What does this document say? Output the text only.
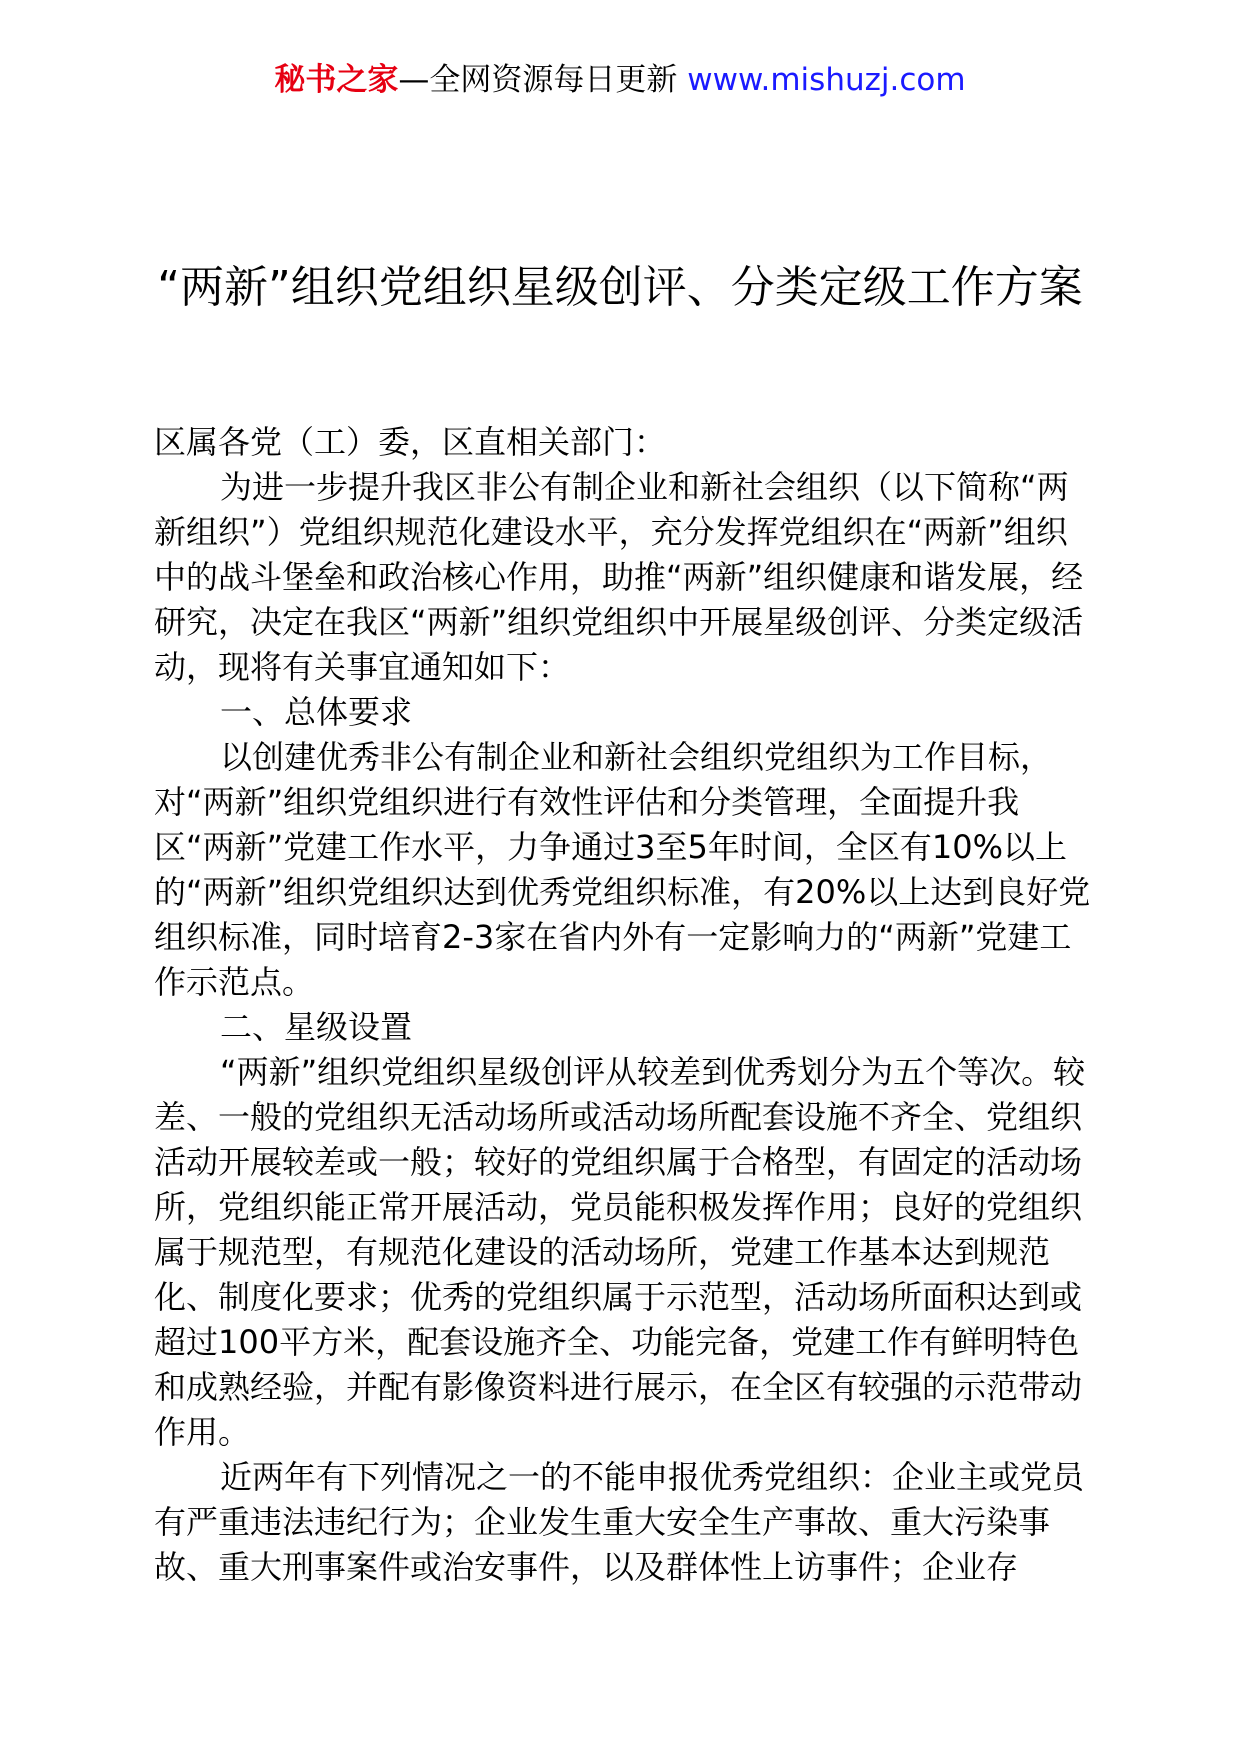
秘书之家—全网资源每日更新 www.mishuzj.com
“两新”组织党组织星级创评、分类定级工作方案

区属各党（工）委，区直相关部门：

为进一步提升我区非公有制企业和新社会组织（以下简称“两新组织”）党组织规范化建设水平，充分发挥党组织在“两新”组织中的战斗堡垒和政治核心作用，助推“两新”组织健康和谐发展，经研究，决定在我区“两新”组织党组织中开展星级创评、分类定级活动，现将有关事宜通知如下：

一、总体要求

以创建优秀非公有制企业和新社会组织党组织为工作目标，对“两新”组织党组织进行有效性评估和分类管理，全面提升我区“两新”党建工作水平，力争通过3至5年时间，全区有10%以上的“两新”组织党组织达到优秀党组织标准，有20%以上达到良好党组织标准，同时培育2-3家在省内外有一定影响力的“两新”党建工作示范点。

二、星级设置

“两新”组织党组织星级创评从较差到优秀划分为五个等次。较差、一般的党组织无活动场所或活动场所配套设施不齐全、党组织活动开展较差或一般；较好的党组织属于合格型，有固定的活动场所，党组织能正常开展活动，党员能积极发挥作用；良好的党组织属于规范型，有规范化建设的活动场所，党建工作基本达到规范化、制度化要求；优秀的党组织属于示范型，活动场所面积达到或超过100平方米，配套设施齐全、功能完备，党建工作有鲜明特色和成熟经验，并配有影像资料进行展示，在全区有较强的示范带动作用。

近两年有下列情况之一的不能申报优秀党组织：企业主或党员有严重违法违纪行为；企业发生重大安全生产事故、重大污染事故、重大刑事案件或治安事件，以及群体性上访事件；企业存
